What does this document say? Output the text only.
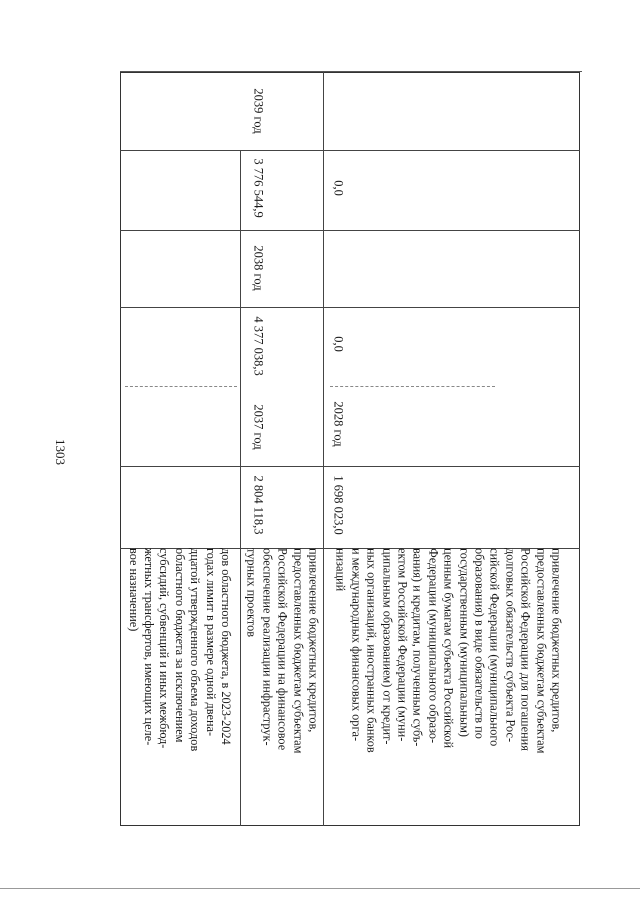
1303
дов областного бюджета, в 2023-2024
годах лимит в размере одной двена-
дцатой утвержденного объема доходов
областного бюджета за исключением
субсидий, субвенций и иных межбюд-
жетных трансфертов, имеющих целе-
вое назначение)
2039 год
привлечение бюджетных кредитов,
предоставленных бюджетам субъектам
Российской Федерации на финансовое
обеспечение реализации инфраструк-
турных проектов
2 804 118,3
2037 год
4 377 038,3
2038 год
3 776 544,9
привлечение бюджетных кредитов,
предоставленных бюджетам субъектам
Российской Федерации для погашения
долговых обязательств субъекта Рос-
сийской Федерации (муниципального
образования) в виде обязательств по
государственным (муниципальным)
ценным бумагам субъекта Российской
Федерации (муниципального образо-
вания) и кредитам, полученным субъ-
ектом Российской Федерации (муни-
ципальным образованием) от кредит-
ных организаций, иностранных банков
и международных финансовых орга-
низаций
1 698 023,0
2028 год
0,0
0,0
